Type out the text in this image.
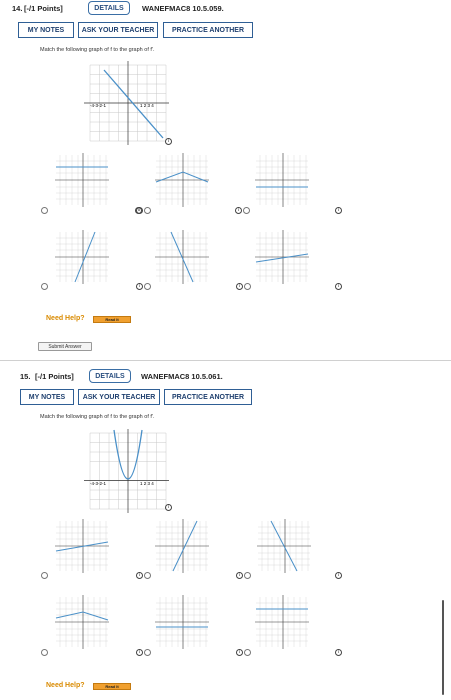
14. [-/1 Points]	DETAILS	WANEFMAC8 10.5.059.
MY NOTES	ASK YOUR TEACHER	PRACTICE ANOTHER
Match the following graph of f to the graph of f'.
-4-3-2-1	1 2 3 4
i
i i	i	i
i	i	i
Need Help?	Read It
Submit Answer
15. [-/1 Points]	DETAILS	WANEFMAC8 10.5.061.
MY NOTES	ASK YOUR TEACHER	PRACTICE ANOTHER
Match the following graph of f to the graph of f'.
-4-3-2-1	1 2 3 4
i
i	i	i
i	i	i
Need Help?	Read It
